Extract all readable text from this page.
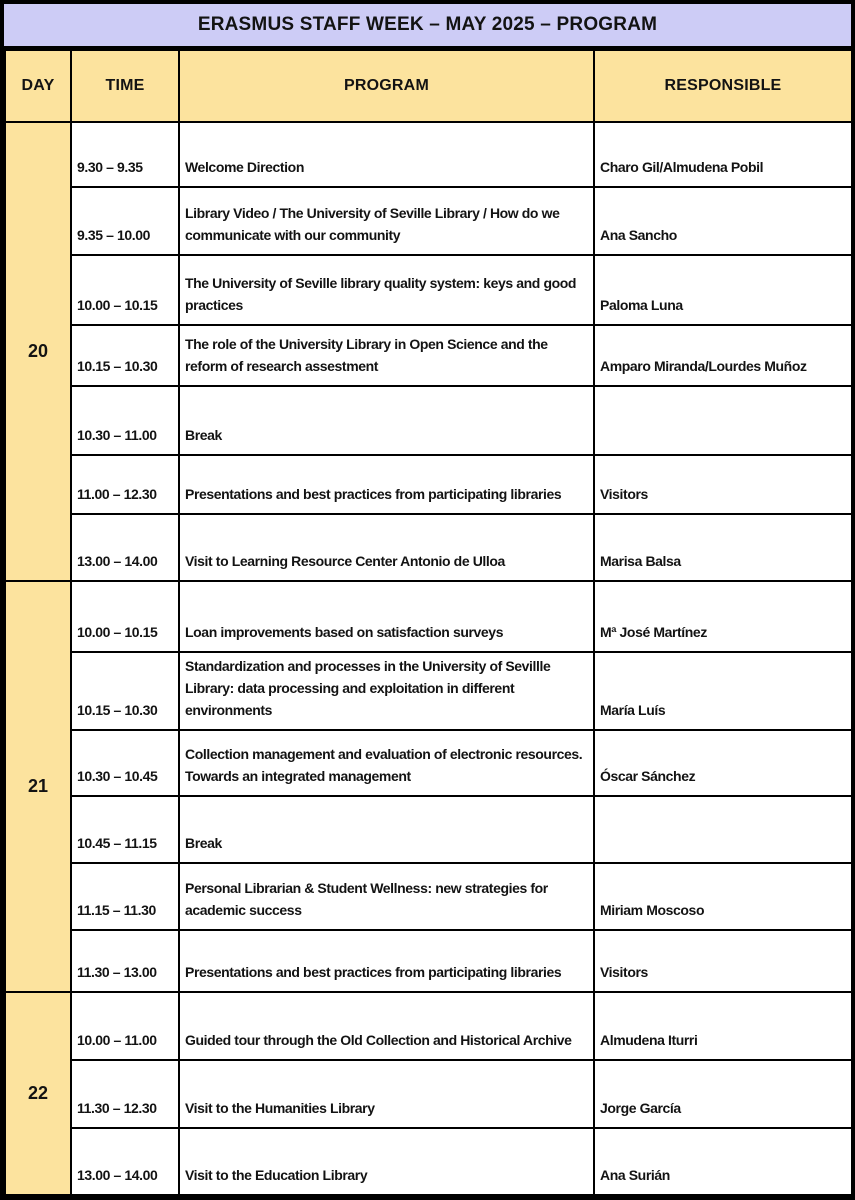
ERASMUS STAFF WEEK – MAY 2025 – PROGRAM
DAY	TIME	PROGRAM	RESPONSIBLE
20	9.30 – 9.35	Welcome Direction	Charo Gil/Almudena Pobil
	9.35 – 10.00	Library Video / The University of Seville Library / How do we communicate with our community	Ana Sancho
	10.00 – 10.15	The University of Seville library quality system: keys and good practices	Paloma Luna
	10.15 – 10.30	The role of the University Library in Open Science and the reform of research assestment	Amparo Miranda/Lourdes Muñoz
	10.30 – 11.00	Break	
	11.00 – 12.30	Presentations and best practices from participating libraries	Visitors
	13.00 – 14.00	Visit to Learning Resource Center Antonio de Ulloa	Marisa Balsa
21	10.00 – 10.15	Loan improvements based on satisfaction surveys	Mª José Martínez
	10.15 – 10.30	Standardization and processes in the University of Sevillle Library: data processing and exploitation in different environments	María Luís
	10.30 – 10.45	Collection management and evaluation of electronic resources. Towards an integrated management	Óscar Sánchez
	10.45 – 11.15	Break	
	11.15 – 11.30	Personal Librarian & Student Wellness: new strategies for academic success	Miriam Moscoso
	11.30 – 13.00	Presentations and best practices from participating libraries	Visitors
22	10.00 – 11.00	Guided tour through the Old Collection and Historical Archive	Almudena Iturri
	11.30 – 12.30	Visit to the Humanities Library	Jorge García
	13.00 – 14.00	Visit to the Education Library	Ana Surián
